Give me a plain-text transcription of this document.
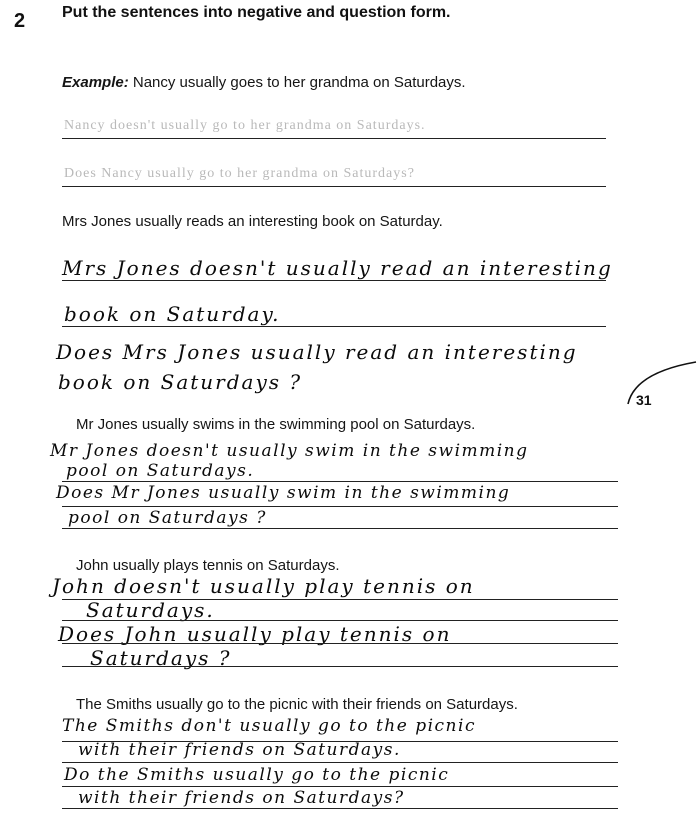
2 Put the sentences into negative and question form.
Example: Nancy usually goes to her grandma on Saturdays.
Nancy doesn't usually go to her grandma on Saturdays.
Does Nancy usually go to her grandma on Saturdays?
Mrs Jones usually reads an interesting book on Saturday.
Mrs Jones doesn't usually read an interesting
book on Saturday.
Does Mrs Jones usually read an interesting
book on Saturdays ?
Mr Jones usually swims in the swimming pool on Saturdays.
Mr Jones doesn't usually swim in the swimming
pool on Saturdays.
Does Mr Jones usually swim in the swimming
pool on Saturdays ?
John usually plays tennis on Saturdays.
John doesn't usually play tennis on
Saturdays.
Does John usually play tennis on
Saturdays ?
The Smiths usually go to the picnic with their friends on Saturdays.
The Smiths don't usually go to the picnic
with their friends on Saturdays.
Do the Smiths usually go to the picnic
with their friends on Saturdays?
31
